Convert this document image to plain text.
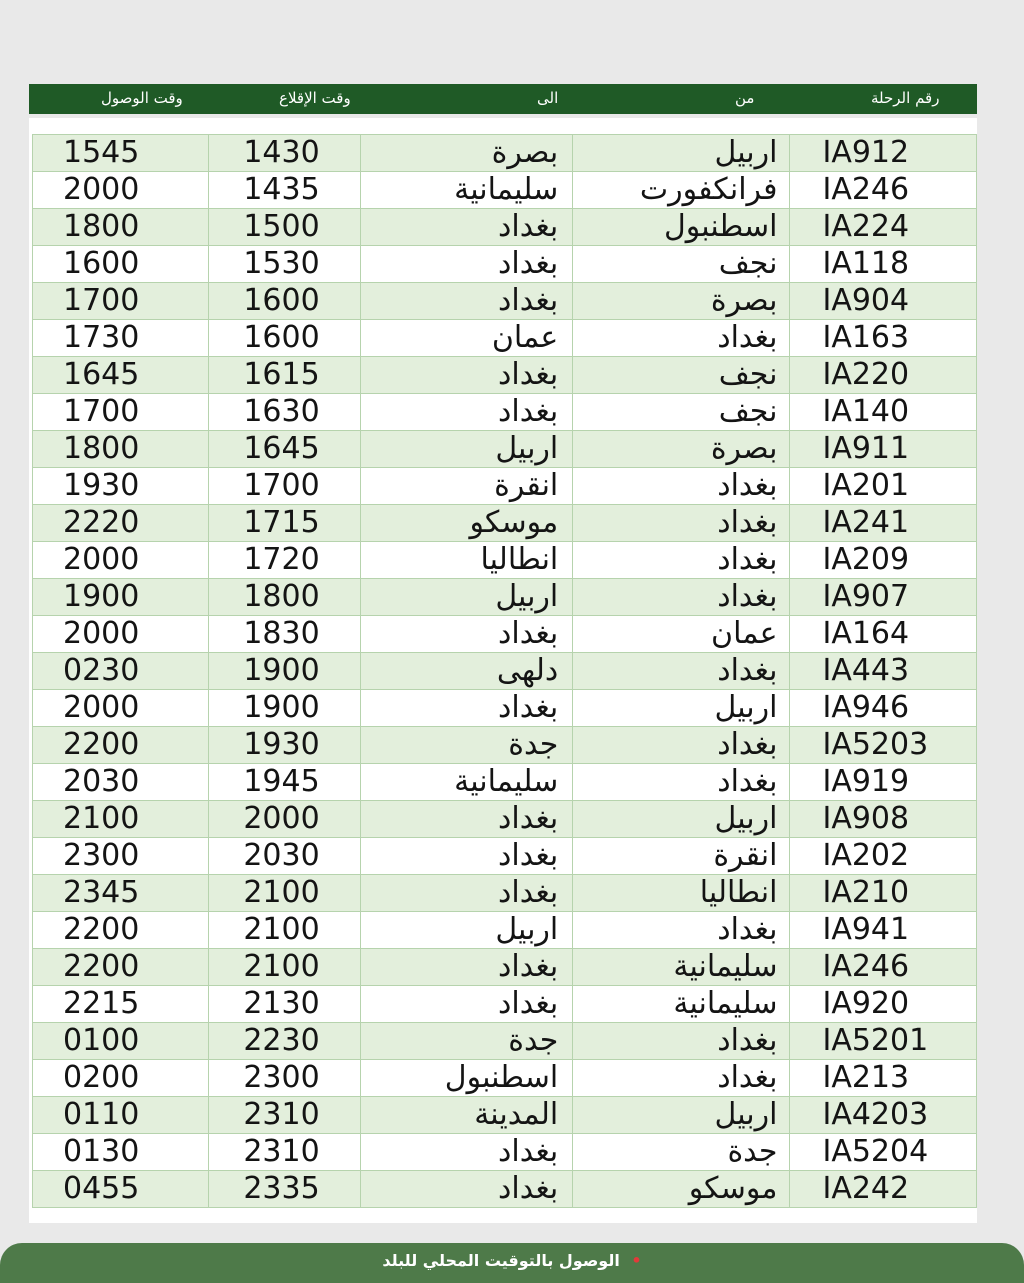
وقت الوصول	وقت الإقلاع	الى	من	رقم الرحلة
1545	1430	بصرة	اربيل	IA912
2000	1435	سليمانية	فرانكفورت	IA246
1800	1500	بغداد	اسطنبول	IA224
1600	1530	بغداد	نجف	IA118
1700	1600	بغداد	بصرة	IA904
1730	1600	عمان	بغداد	IA163
1645	1615	بغداد	نجف	IA220
1700	1630	بغداد	نجف	IA140
1800	1645	اربيل	بصرة	IA911
1930	1700	انقرة	بغداد	IA201
2220	1715	موسكو	بغداد	IA241
2000	1720	انطاليا	بغداد	IA209
1900	1800	اربيل	بغداد	IA907
2000	1830	بغداد	عمان	IA164
0230	1900	دلهى	بغداد	IA443
2000	1900	بغداد	اربيل	IA946
2200	1930	جدة	بغداد	IA5203
2030	1945	سليمانية	بغداد	IA919
2100	2000	بغداد	اربيل	IA908
2300	2030	بغداد	انقرة	IA202
2345	2100	بغداد	انطاليا	IA210
2200	2100	اربيل	بغداد	IA941
2200	2100	بغداد	سليمانية	IA246
2215	2130	بغداد	سليمانية	IA920
0100	2230	جدة	بغداد	IA5201
0200	2300	اسطنبول	بغداد	IA213
0110	2310	المدينة	اربيل	IA4203
0130	2310	بغداد	جدة	IA5204
0455	2335	بغداد	موسكو	IA242
الوصول بالتوقيت المحلي للبلد •
